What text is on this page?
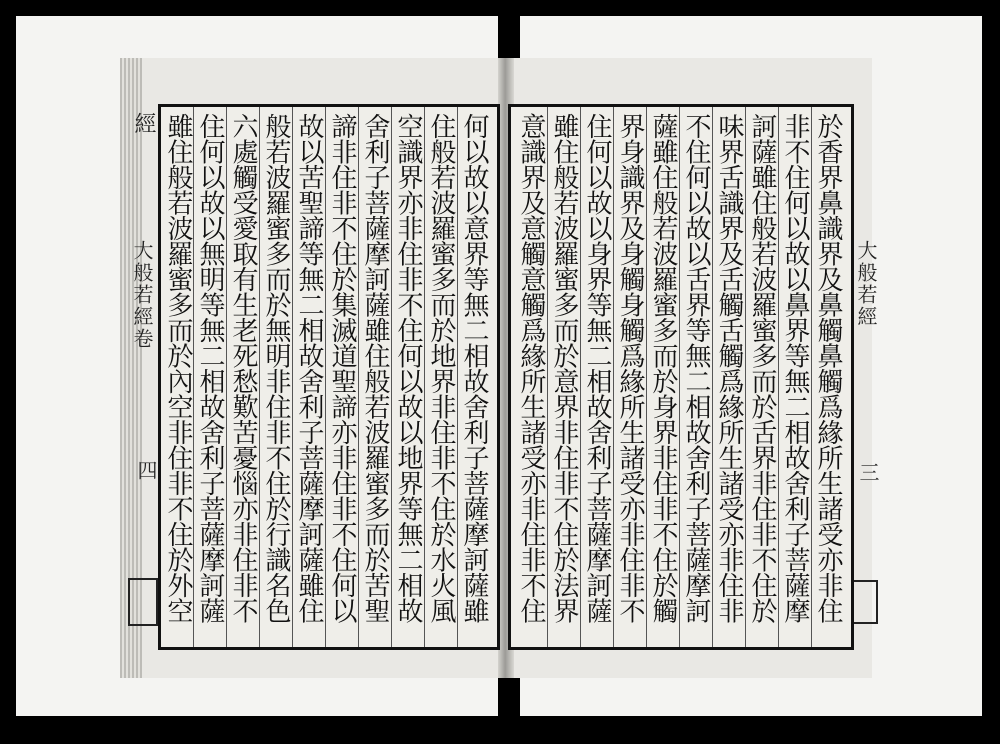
經
大般若經卷
四
大般若經
三
何以故以意界等無二相故舍利子菩薩摩訶薩雖
住般若波羅蜜多而於地界非住非不住於水火風
空識界亦非住非不住何以故以地界等無二相故
舍利子菩薩摩訶薩雖住般若波羅蜜多而於苦聖
諦非住非不住於集滅道聖諦亦非住非不住何以
故以苦聖諦等無二相故舍利子菩薩摩訶薩雖住
般若波羅蜜多而於無明非住非不住於行識名色
六處觸受愛取有生老死愁歎苦憂惱亦非住非不
住何以故以無明等無二相故舍利子菩薩摩訶薩
雖住般若波羅蜜多而於內空非住非不住於外空	於香界鼻識界及鼻觸鼻觸爲緣所生諸受亦非住
非不住何以故以鼻界等無二相故舍利子菩薩摩
訶薩雖住般若波羅蜜多而於舌界非住非不住於
味界舌識界及舌觸舌觸爲緣所生諸受亦非住非
不住何以故以舌界等無二相故舍利子菩薩摩訶
薩雖住般若波羅蜜多而於身界非住非不住於觸
界身識界及身觸身觸爲緣所生諸受亦非住非不
住何以故以身界等無二相故舍利子菩薩摩訶薩
雖住般若波羅蜜多而於意界非住非不住於法界
意識界及意觸意觸爲緣所生諸受亦非住非不住
